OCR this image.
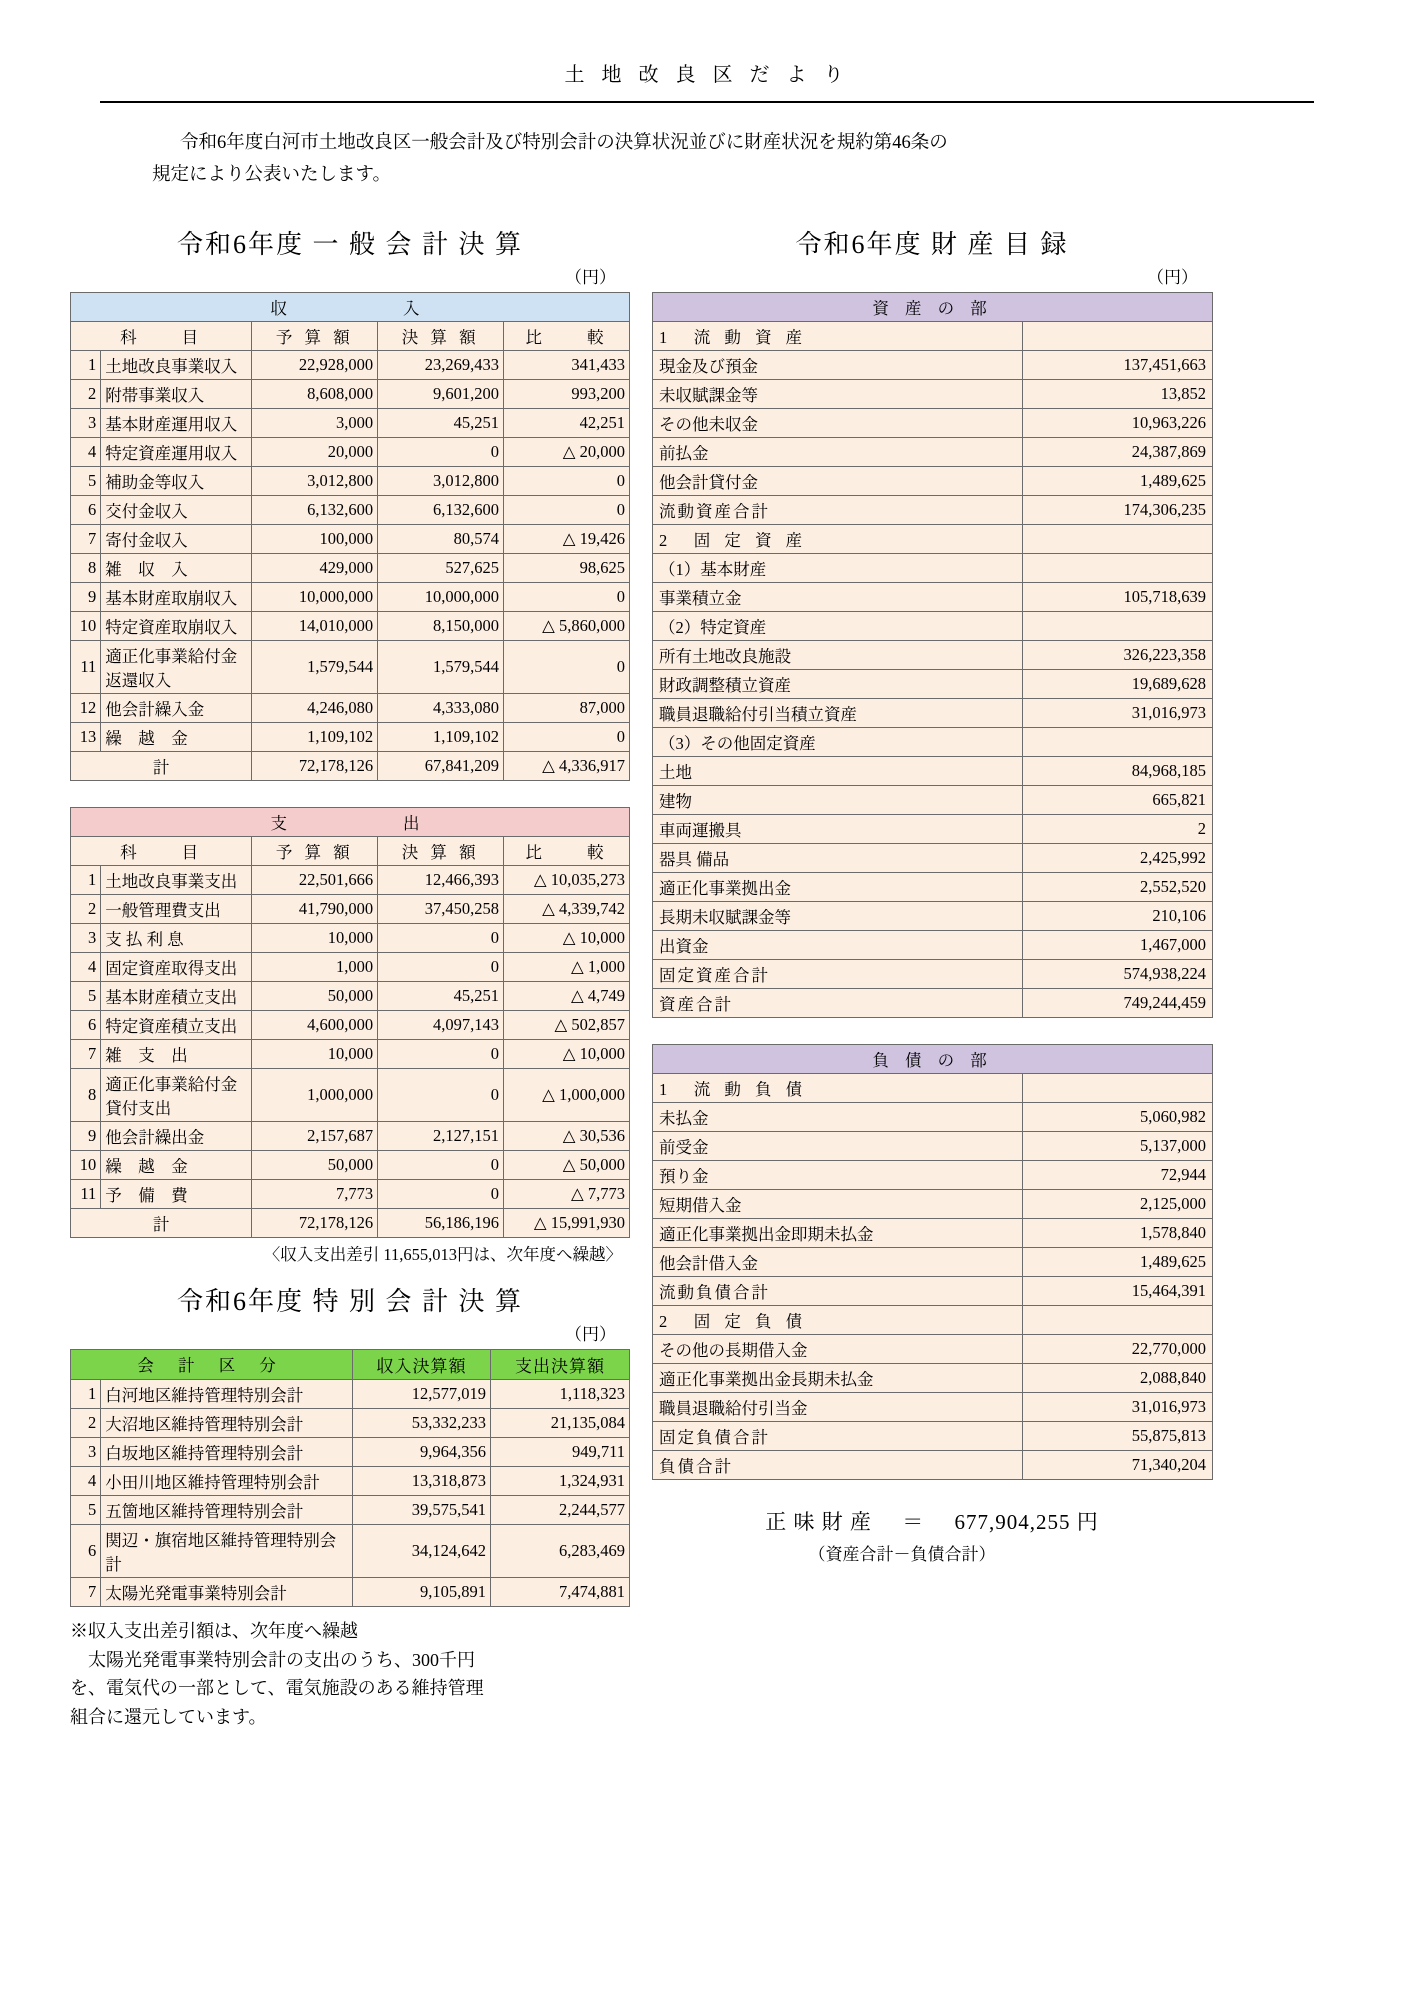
土 地 改 良 区 だ よ り
令和6年度白河市土地改良区一般会計及び特別会計の決算状況並びに財産状況を規約第46条の
規定により公表いたします。
令和6年度 一 般 会 計 決 算
（円）
収　　　　入				
科　　目		予 算 額	決 算 額	比　　較
1	土地改良事業収入	22,928,000	23,269,433	341,433
2	附帯事業収入	8,608,000	9,601,200	993,200
3	基本財産運用収入	3,000	45,251	42,251
4	特定資産運用収入	20,000	0	△ 20,000
5	補助金等収入	3,012,800	3,012,800	0
6	交付金収入	6,132,600	6,132,600	0
7	寄付金収入	100,000	80,574	△ 19,426
8	雑　収　入	429,000	527,625	98,625
9	基本財産取崩収入	10,000,000	10,000,000	0
10	特定資産取崩収入	14,010,000	8,150,000	△ 5,860,000
11	適正化事業給付金返還収入	1,579,544	1,579,544	0
12	他会計繰入金	4,246,080	4,333,080	87,000
13	繰　越　金	1,109,102	1,109,102	0
計		72,178,126	67,841,209	△ 4,336,917
支　　　　出				
科　　目		予 算 額	決 算 額	比　　較
1	土地改良事業支出	22,501,666	12,466,393	△ 10,035,273
2	一般管理費支出	41,790,000	37,450,258	△ 4,339,742
3	支 払 利 息	10,000	0	△ 10,000
4	固定資産取得支出	1,000	0	△ 1,000
5	基本財産積立支出	50,000	45,251	△ 4,749
6	特定資産積立支出	4,600,000	4,097,143	△ 502,857
7	雑　支　出	10,000	0	△ 10,000
8	適正化事業給付金貸付支出	1,000,000	0	△ 1,000,000
9	他会計繰出金	2,157,687	2,127,151	△ 30,536
10	繰　越　金	50,000	0	△ 50,000
11	予　備　費	7,773	0	△ 7,773
計		72,178,126	56,186,196	△ 15,991,930
〈収入支出差引 11,655,013円は、次年度へ繰越〉
令和6年度 特 別 会 計 決 算
（円）
会 計 区 分		収入決算額	支出決算額
1	白河地区維持管理特別会計	12,577,019	1,118,323
2	大沼地区維持管理特別会計	53,332,233	21,135,084
3	白坂地区維持管理特別会計	9,964,356	949,711
4	小田川地区維持管理特別会計	13,318,873	1,324,931
5	五箇地区維持管理特別会計	39,575,541	2,244,577
6	関辺・旗宿地区維持管理特別会計	34,124,642	6,283,469
7	太陽光発電事業特別会計	9,105,891	7,474,881
※収入支出差引額は、次年度へ繰越
　太陽光発電事業特別会計の支出のうち、300千円
を、電気代の一部として、電気施設のある維持管理
組合に還元しています。
令和6年度 財 産 目 録
（円）
資 産 の 部	
1　流 動 資 産	
現金及び預金	137,451,663
未収賦課金等	13,852
その他未収金	10,963,226
前払金	24,387,869
他会計貸付金	1,489,625
流動資産合計	174,306,235
2　固 定 資 産	
（1）基本財産	
事業積立金	105,718,639
（2）特定資産	
所有土地改良施設	326,223,358
財政調整積立資産	19,689,628
職員退職給付引当積立資産	31,016,973
（3）その他固定資産	
土地	84,968,185
建物	665,821
車両運搬具	2
器具 備品	2,425,992
適正化事業拠出金	2,552,520
長期未収賦課金等	210,106
出資金	1,467,000
固定資産合計	574,938,224
資産合計	749,244,459
負 債 の 部	
1　流 動 負 債	
未払金	5,060,982
前受金	5,137,000
預り金	72,944
短期借入金	2,125,000
適正化事業拠出金即期未払金	1,578,840
他会計借入金	1,489,625
流動負債合計	15,464,391
2　固 定 負 債	
その他の長期借入金	22,770,000
適正化事業拠出金長期未払金	2,088,840
職員退職給付引当金	31,016,973
固定負債合計	55,875,813
負債合計	71,340,204
正 味 財 産 ＝ 677,904,255 円
（資産合計－負債合計）
